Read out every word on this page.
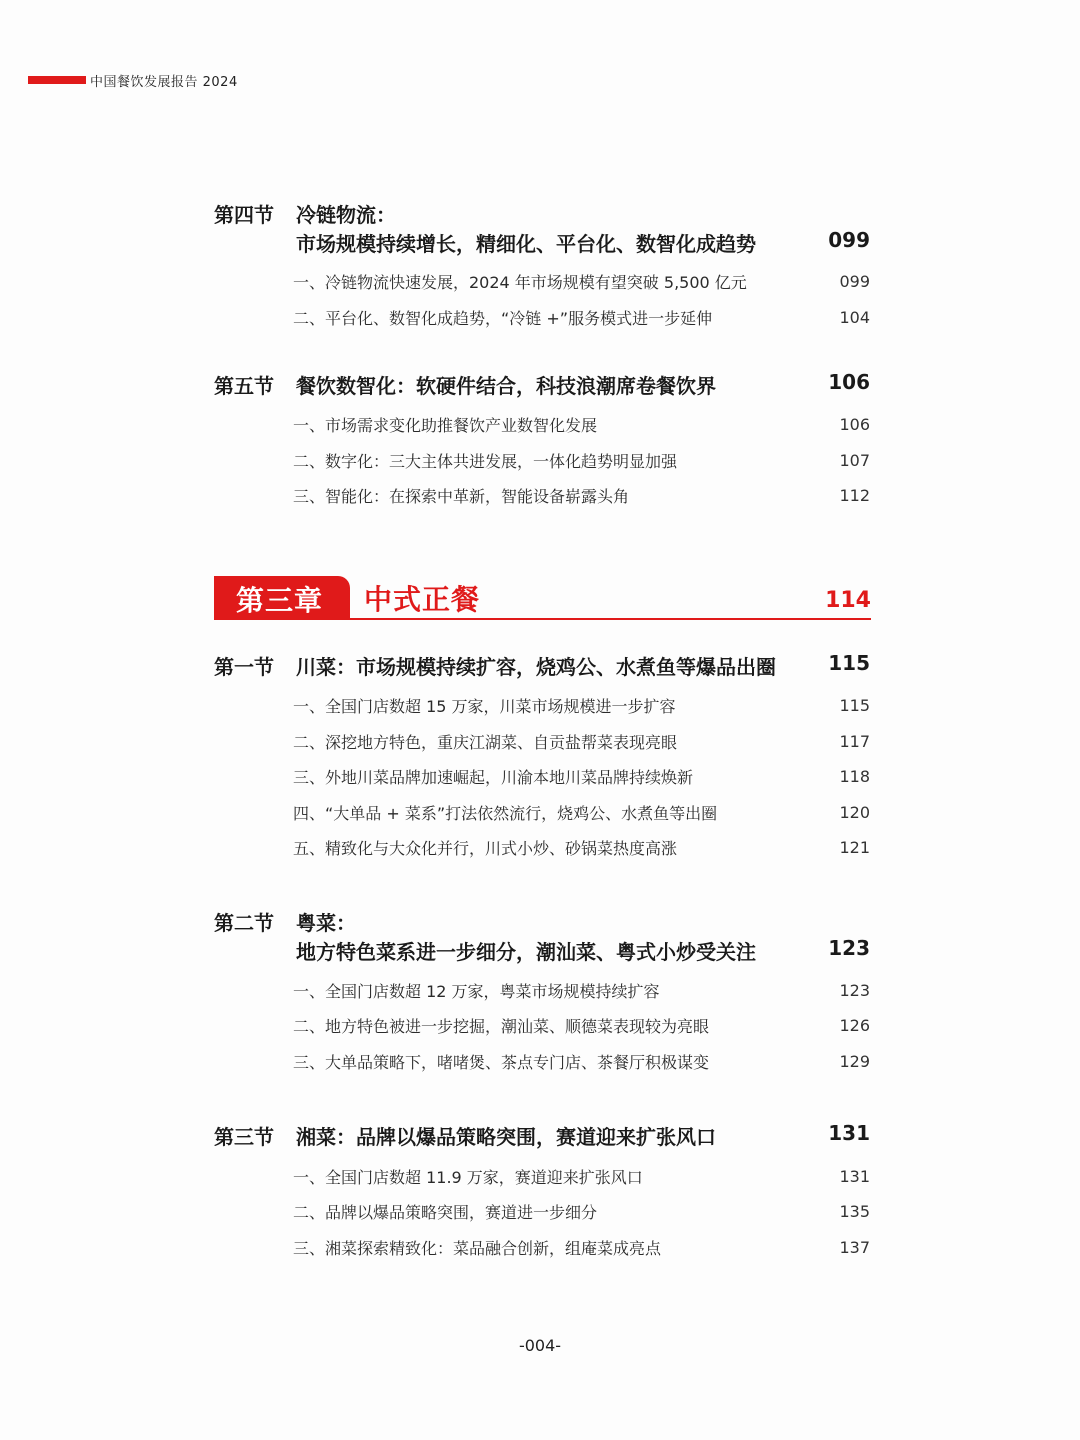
中国餐饮发展报告 2024
第四节 冷链物流：
市场规模持续增长，精细化、平台化、数智化成趋势	099
一、冷链物流快速发展，2024 年市场规模有望突破 5,500 亿元	099
二、平台化、数智化成趋势，“冷链 +”服务模式进一步延伸	104
第五节 餐饮数智化：软硬件结合，科技浪潮席卷餐饮界	106
一、市场需求变化助推餐饮产业数智化发展	106
二、数字化：三大主体共进发展，一体化趋势明显加强	107
三、智能化：在探索中革新，智能设备崭露头角	112
第三章 中式正餐	114
第一节 川菜：市场规模持续扩容，烧鸡公、水煮鱼等爆品出圈	115
一、全国门店数超 15 万家，川菜市场规模进一步扩容	115
二、深挖地方特色，重庆江湖菜、自贡盐帮菜表现亮眼	117
三、外地川菜品牌加速崛起，川渝本地川菜品牌持续焕新	118
四、“大单品 + 菜系”打法依然流行，烧鸡公、水煮鱼等出圈	120
五、精致化与大众化并行，川式小炒、砂锅菜热度高涨	121
第二节 粤菜：
地方特色菜系进一步细分，潮汕菜、粤式小炒受关注	123
一、全国门店数超 12 万家，粤菜市场规模持续扩容	123
二、地方特色被进一步挖掘，潮汕菜、顺德菜表现较为亮眼	126
三、大单品策略下，啫啫煲、茶点专门店、茶餐厅积极谋变	129
第三节 湘菜：品牌以爆品策略突围，赛道迎来扩张风口	131
一、全国门店数超 11.9 万家，赛道迎来扩张风口	131
二、品牌以爆品策略突围，赛道进一步细分	135
三、湘菜探索精致化：菜品融合创新，组庵菜成亮点	137
-004-
